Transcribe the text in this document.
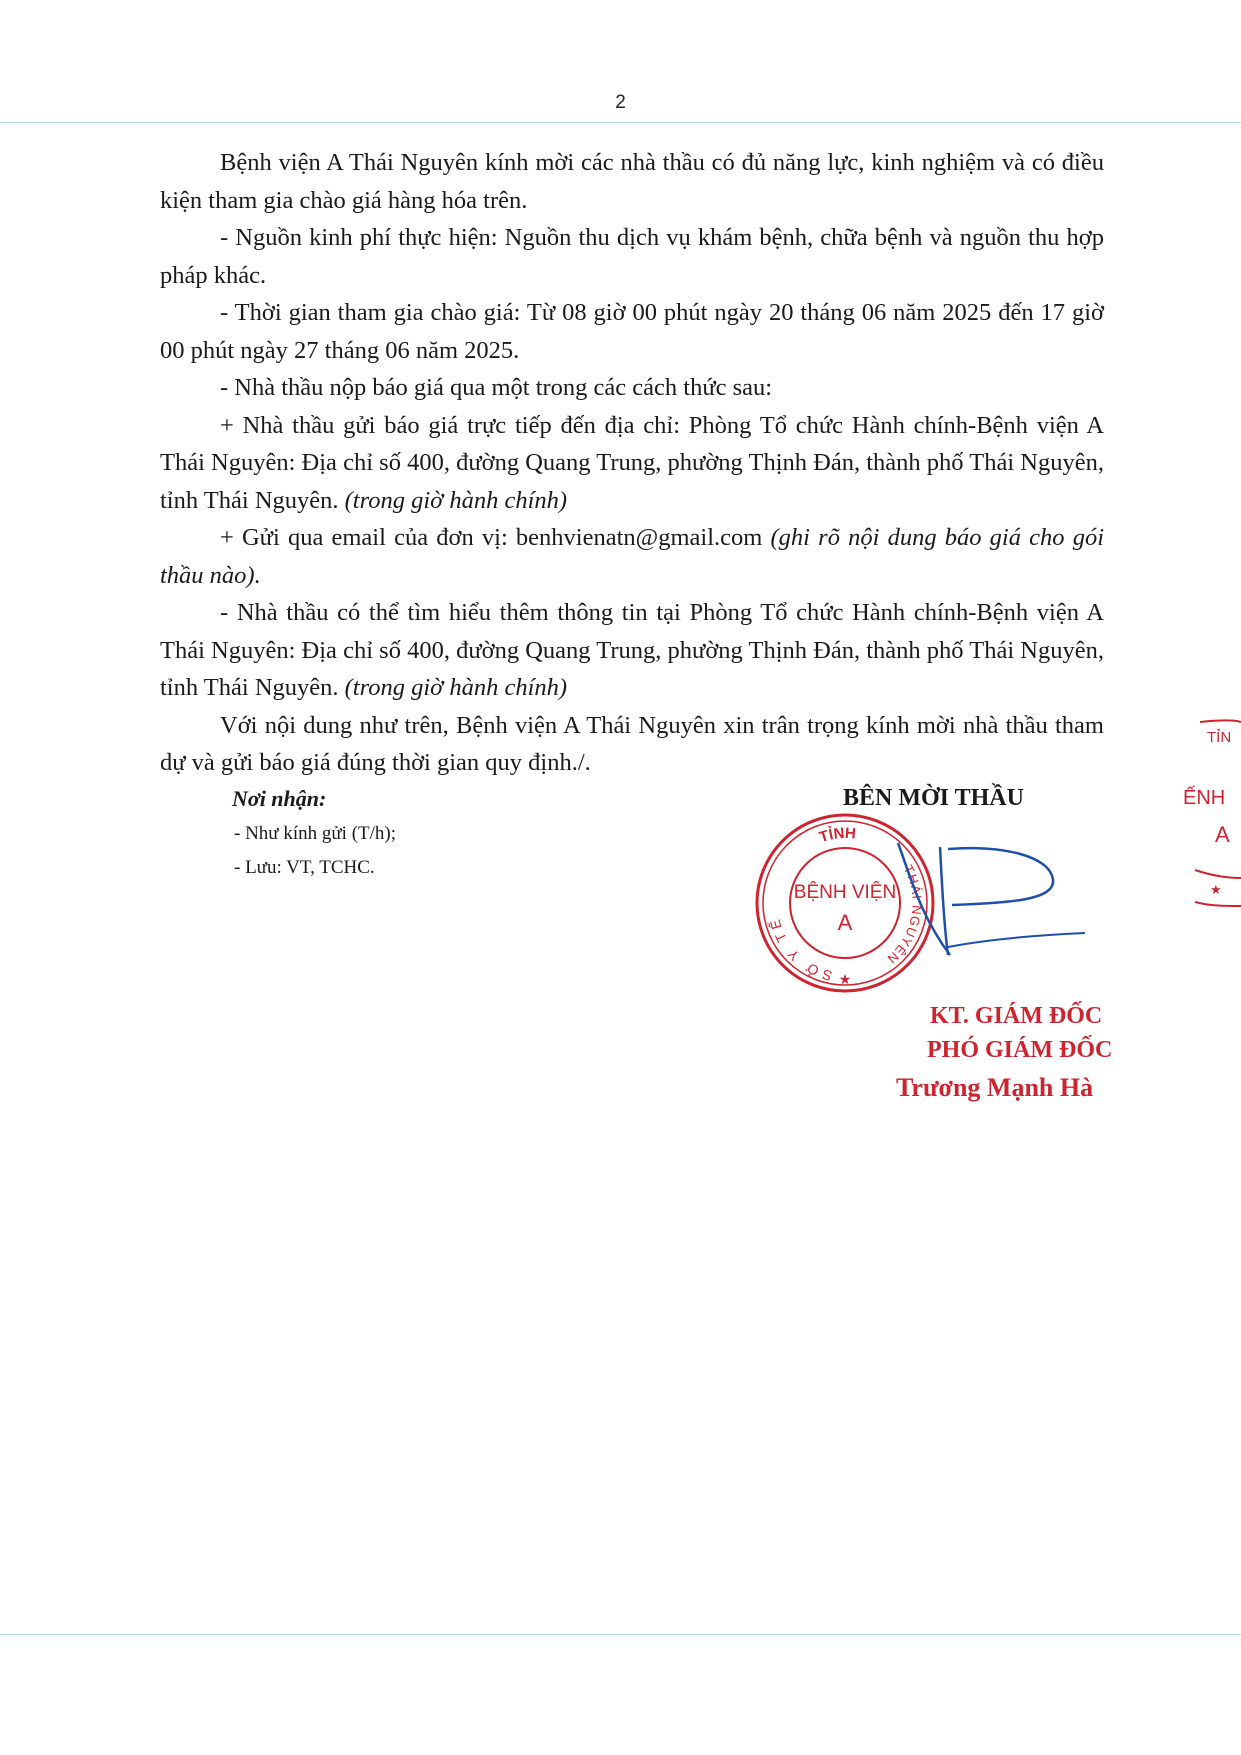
2

Bệnh viện A Thái Nguyên kính mời các nhà thầu có đủ năng lực, kinh nghiệm và có điều kiện tham gia chào giá hàng hóa trên.

- Nguồn kinh phí thực hiện: Nguồn thu dịch vụ khám bệnh, chữa bệnh và nguồn thu hợp pháp khác.

- Thời gian tham gia chào giá: Từ 08 giờ 00 phút ngày 20 tháng 06 năm 2025 đến 17 giờ 00 phút ngày 27 tháng 06 năm 2025.

- Nhà thầu nộp báo giá qua một trong các cách thức sau:

+ Nhà thầu gửi báo giá trực tiếp đến địa chỉ: Phòng Tổ chức Hành chính-Bệnh viện A Thái Nguyên: Địa chỉ số 400, đường Quang Trung, phường Thịnh Đán, thành phố Thái Nguyên, tỉnh Thái Nguyên. (trong giờ hành chính)

+ Gửi qua email của đơn vị: benhvienatn@gmail.com (ghi rõ nội dung báo giá cho gói thầu nào).

- Nhà thầu có thể tìm hiểu thêm thông tin tại Phòng Tổ chức Hành chính-Bệnh viện A Thái Nguyên: Địa chỉ số 400, đường Quang Trung, phường Thịnh Đán, thành phố Thái Nguyên, tỉnh Thái Nguyên. (trong giờ hành chính)

Với nội dung như trên, Bệnh viện A Thái Nguyên xin trân trọng kính mời nhà thầu tham dự và gửi báo giá đúng thời gian quy định./.

Nơi nhận:
- Như kính gửi (T/h);
- Lưu: VT, TCHC.
BÊN MỜI THẦU
TỈNH
SỞ Y TẾ
THÁI NGUYÊN
BỆNH VIỆN
A
★
KT. GIÁM ĐỐC
PHÓ GIÁM ĐỐC
Trương Mạnh Hà
TỈN
ẾNH
A
★
